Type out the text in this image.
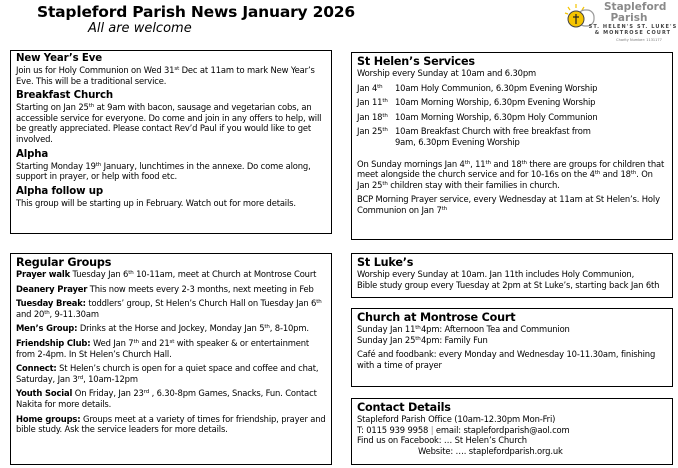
Stapleford Parish News January 2026
All are welcome
Stapleford
Parish
ST. HELEN'S ST. LUKE'S
& MONTROSE COURT
Charity Number: 1131177
New Year’s Eve

Join us for Holy Communion on Wed 31st Dec at 11am to mark New Year’s Eve. This will be a traditional service.

Breakfast Church

Starting on Jan 25th at 9am with bacon, sausage and vegetarian cobs, an accessible service for everyone. Do come and join in any offers to help, will be greatly appreciated. Please contact Rev’d Paul if you would like to get involved.

Alpha

Starting Monday 19th January, lunchtimes in the annexe. Do come along, support in prayer, or help with food etc.

Alpha follow up

This group will be starting up in February. Watch out for more details.

Regular Groups

Prayer walk Tuesday Jan 6th 10-11am, meet at Church at Montrose Court

Deanery Prayer This now meets every 2-3 months, next meeting in Feb

Tuesday Break: toddlers’ group, St Helen’s Church Hall on Tuesday Jan 6th and 20th, 9-11.30am

Men’s Group: Drinks at the Horse and Jockey, Monday Jan 5th, 8-10pm.

Friendship Club: Wed Jan 7th and 21st with speaker & or entertainment from 2-4pm. In St Helen’s Church Hall.

Connect: St Helen’s church is open for a quiet space and coffee and chat, Saturday, Jan 3rd, 10am-12pm

Youth Social On Friday, Jan 23rd , 6.30-8pm Games, Snacks, Fun. Contact Nakita for more details.

Home groups: Groups meet at a variety of times for friendship, prayer and bible study. Ask the service leaders for more details.

St Helen’s Services

Worship every Sunday at 10am and 6.30pm

Jan 4th	10am Holy Communion, 6.30pm Evening Worship
Jan 11th 10am Morning Worship, 6.30pm Evening Worship
Jan 18th 10am Morning Worship, 6.30pm Holy Communion
Jan 25th 10am Breakfast Church with free breakfast from 9am, 6.30pm Evening Worship

On Sunday mornings Jan 4th, 11th and 18th there are groups for children that meet alongside the church service and for 10-16s on the 4th and 18th. On Jan 25th children stay with their families in church.

BCP Morning Prayer service, every Wednesday at 11am at St Helen’s. Holy Communion on Jan 7th

St Luke’s

Worship every Sunday at 10am. Jan 11th includes Holy Communion,

Bible study group every Tuesday at 2pm at St Luke’s, starting back Jan 6th

Church at Montrose Court
Sunday Jan 11th 4pm: Afternoon Tea and Communion
Sunday Jan 25th 4pm: Family Fun

Café and foodbank: every Monday and Wednesday 10-11.30am, finishing with a time of prayer

Contact Details

Stapleford Parish Office (10am-12.30pm Mon-Fri)

T: 0115 939 9958 | email: stapleford​parish@aol.com

Find us on Facebook: … St Helen’s Church

Website: …. staplefordparish.org.uk
